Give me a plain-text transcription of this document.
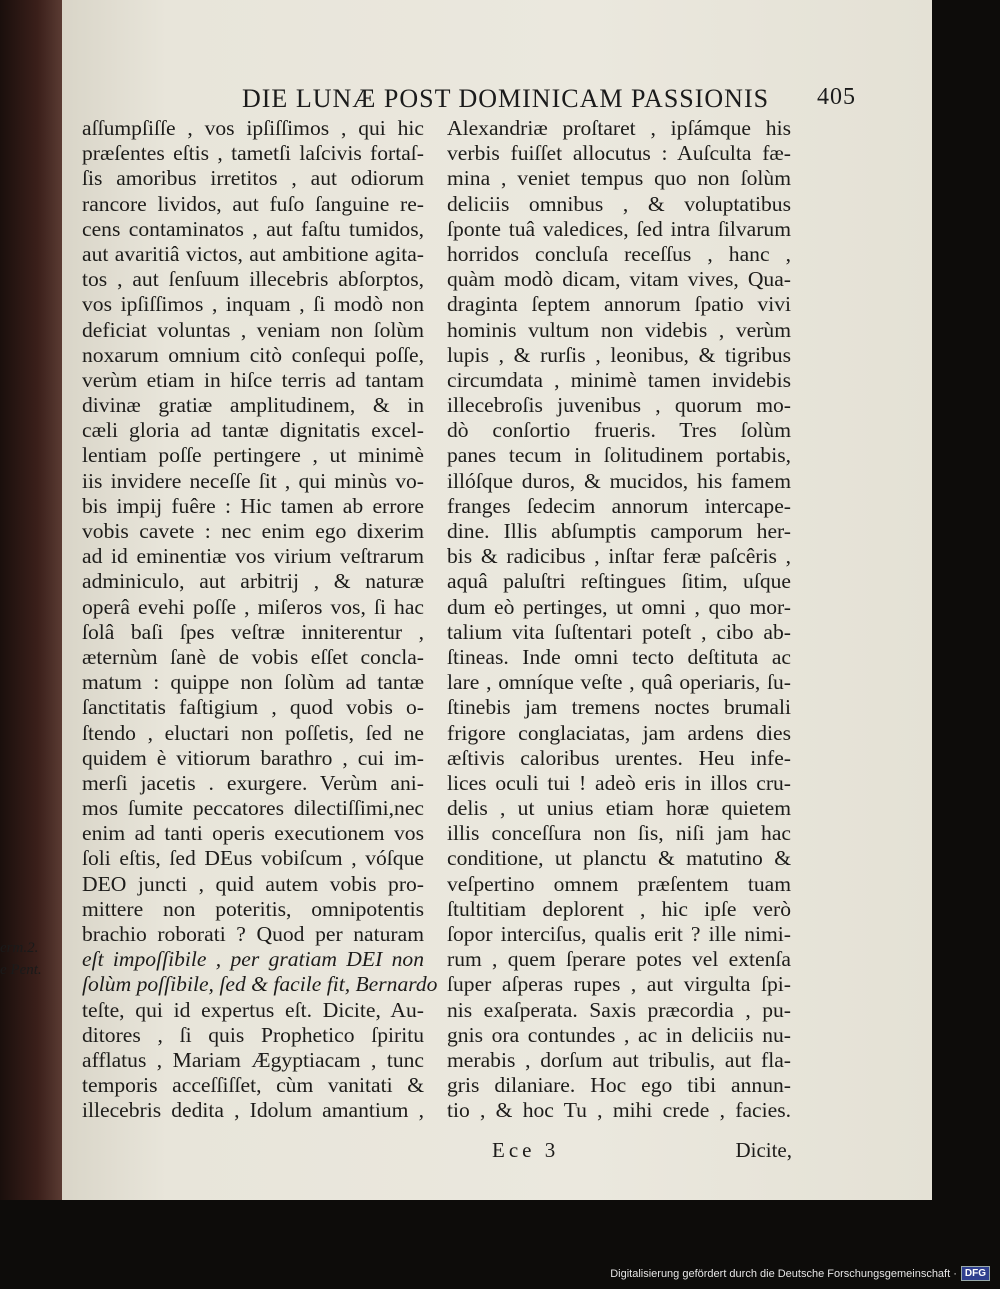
DIE LUNÆ POST DOMINICAM PASSIONIS 405
aſſumpſiſſe , vos ipſiſſimos , qui hic
præſentes eſtis , tametſi laſcivis fortaſ-
ſis amoribus irretitos , aut odiorum
rancore lividos, aut fuſo ſanguine re-
cens contaminatos , aut faſtu tumidos,
aut avaritiâ victos, aut ambitione agita-
tos , aut ſenſuum illecebris abſorptos,
vos ipſiſſimos , inquam , ſi modò non
deficiat voluntas , veniam non ſolùm
noxarum omnium citò conſequi poſſe,
verùm etiam in hiſce terris ad tantam
divinæ gratiæ amplitudinem, & in
cæli gloria ad tantæ dignitatis excel-
lentiam poſſe pertingere , ut minimè
iis invidere neceſſe ſit , qui minùs vo-
bis impij fuêre : Hic tamen ab errore
vobis cavete : nec enim ego dixerim
ad id eminentiæ vos virium veſtrarum
adminiculo, aut arbitrij , & naturæ
operâ evehi poſſe , miſeros vos, ſi hac
ſolâ baſi ſpes veſtræ inniterentur ,
æternùm ſanè de vobis eſſet concla-
matum : quippe non ſolùm ad tantæ
ſanctitatis faſtigium , quod vobis o-
ſtendo , eluctari non poſſetis, ſed ne
quidem è vitiorum barathro , cui im-
merſi jacetis . exurgere. Verùm ani-
mos ſumite peccatores dilectiſſimi,nec
enim ad tanti operis executionem vos
ſoli eſtis, ſed DEus vobiſcum , vóſque
DEO juncti , quid autem vobis pro-
mittere non poteritis, omnipotentis
brachio roborati ? Quod per naturam
eſt impoſſibile , per gratiam DEI non
ſolùm poſſibile, ſed & facile fit, Bernardo
teſte, qui id expertus eſt. Dicite, Au-
ditores , ſi quis Prophetico ſpiritu
afflatus , Mariam Ægyptiacam , tunc
temporis acceſſiſſet, cùm vanitati &
illecebris dedita , Idolum amantium ,
Alexandriæ proſtaret , ipſámque his
verbis fuiſſet allocutus : Auſculta fæ-
mina , veniet tempus quo non ſolùm
deliciis omnibus , & voluptatibus
ſponte tuâ valedices, ſed intra ſilvarum
horridos concluſa receſſus , hanc ,
quàm modò dicam, vitam vives, Qua-
draginta ſeptem annorum ſpatio vivi
hominis vultum non videbis , verùm
lupis , & rurſis , leonibus, & tigribus
circumdata , minimè tamen invidebis
illecebroſis juvenibus , quorum mo-
dò conſortio frueris. Tres ſolùm
panes tecum in ſolitudinem portabis,
illóſque duros, & mucidos, his famem
franges ſedecim annorum intercape-
dine. Illis abſumptis camporum her-
bis & radicibus , inſtar feræ paſcêris ,
aquâ paluſtri reſtingues ſitim, uſque
dum eò pertinges, ut omni , quo mor-
talium vita ſuſtentari poteſt , cibo ab-
ſtineas. Inde omni tecto deſtituta ac
lare , omníque veſte , quâ operiaris, ſu-
ſtinebis jam tremens noctes brumali
frigore conglaciatas, jam ardens dies
æſtivis caloribus urentes. Heu infe-
lices oculi tui ! adeò eris in illos cru-
delis , ut unius etiam horæ quietem
illis conceſſura non ſis, niſi jam hac
conditione, ut planctu & matutino &
veſpertino omnem præſentem tuam
ſtultitiam deplorent , hic ipſe verò
ſopor interciſus, qualis erit ? ille nimi-
rum , quem ſperare potes vel extenſa
ſuper aſperas rupes , aut virgulta ſpi-
nis exaſperata. Saxis præcordia , pu-
gnis ora contundes , ac in deliciis nu-
merabis , dorſum aut tribulis, aut fla-
gris dilaniare. Hoc ego tibi annun-
tio , & hoc Tu , mihi crede , facies.
Ece 3	Dicite,
erm.2.
e Pent.
Digitalisierung gefördert durch die Deutsche Forschungsgemeinschaft · DFG
